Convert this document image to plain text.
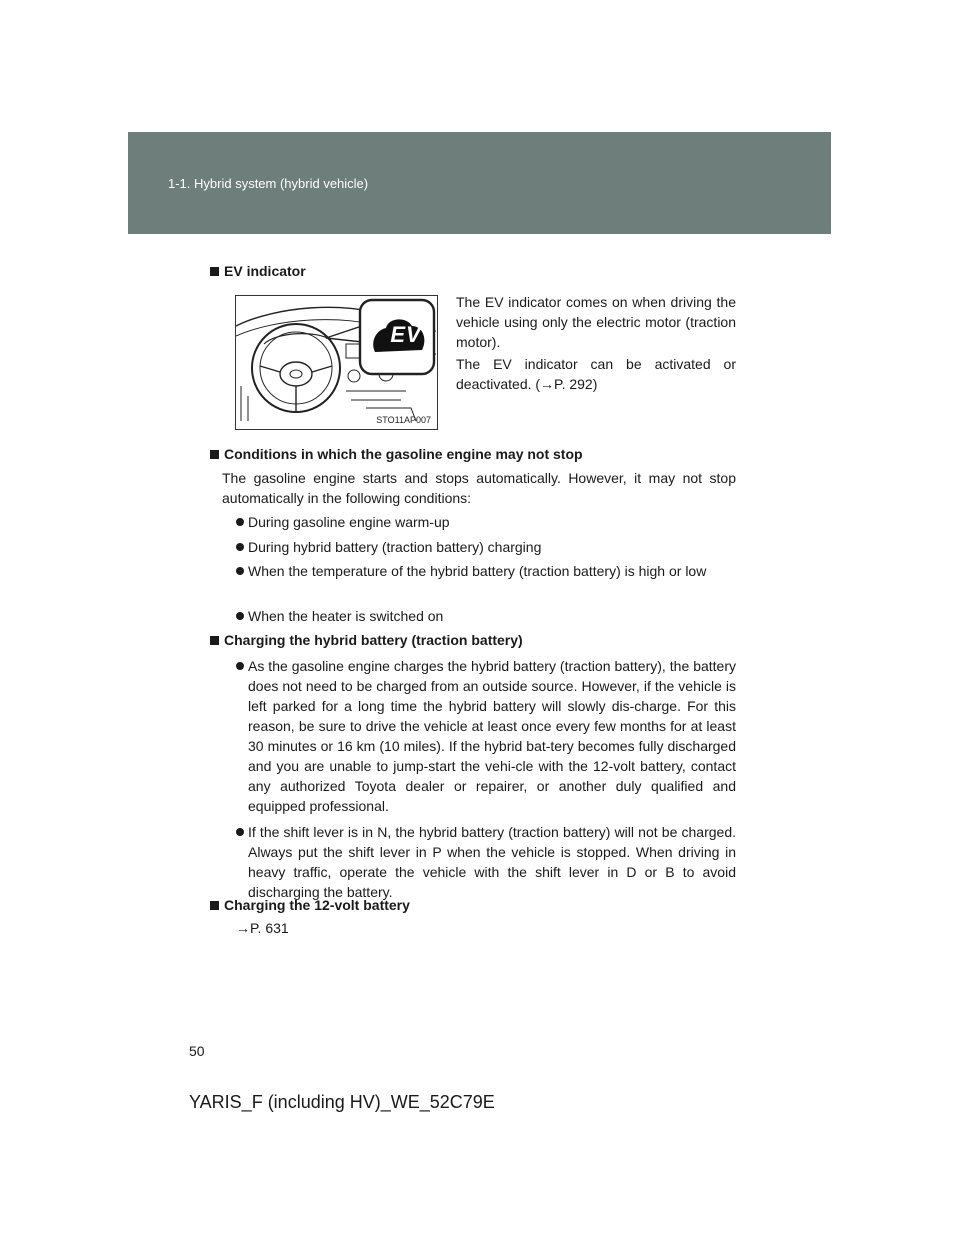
1-1. Hybrid system (hybrid vehicle)
EV indicator
EV
STO11AP007
The EV indicator comes on when driving the vehicle using only the electric motor (traction motor).
The EV indicator can be activated or deactivated. (→P. 292)
Conditions in which the gasoline engine may not stop
The gasoline engine starts and stops automatically. However, it may not stop automatically in the following conditions:
During gasoline engine warm-up
During hybrid battery (traction battery) charging
When the temperature of the hybrid battery (traction battery) is high or low
When the heater is switched on
Charging the hybrid battery (traction battery)
As the gasoline engine charges the hybrid battery (traction battery), the battery does not need to be charged from an outside source. However, if the vehicle is left parked for a long time the hybrid battery will slowly dis-charge. For this reason, be sure to drive the vehicle at least once every few months for at least 30 minutes or 16 km (10 miles). If the hybrid bat-tery becomes fully discharged and you are unable to jump-start the vehi-cle with the 12-volt battery, contact any authorized Toyota dealer or repairer, or another duly qualified and equipped professional.
If the shift lever is in N, the hybrid battery (traction battery) will not be charged. Always put the shift lever in P when the vehicle is stopped. When driving in heavy traffic, operate the vehicle with the shift lever in D or B to avoid discharging the battery.
Charging the 12-volt battery
→P. 631
50
YARIS_F (including HV)_WE_52C79E
